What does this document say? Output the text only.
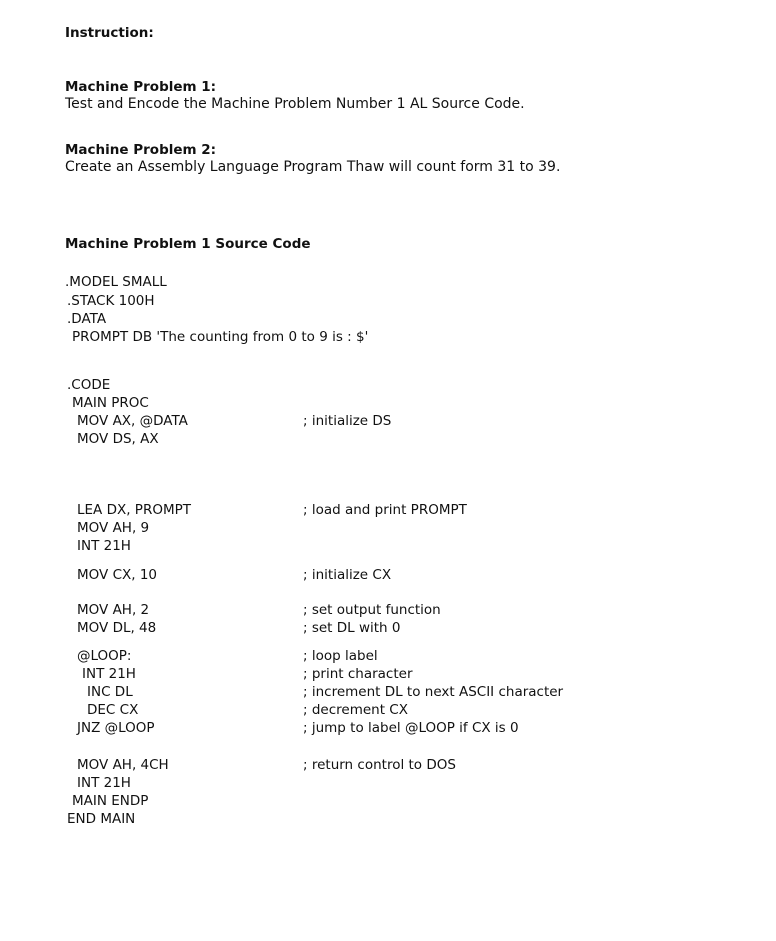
Instruction:
Machine Problem 1:
Test and Encode the Machine Problem Number 1 AL Source Code.
Machine Problem 2:
Create an Assembly Language Program Thaw will count form 31 to 39.
Machine Problem 1 Source Code
.MODEL SMALL
.STACK 100H
.DATA
PROMPT DB 'The counting from 0 to 9 is : $'
.CODE
MAIN PROC
MOV AX, @DATA	; initialize DS
MOV DS, AX
LEA DX, PROMPT	; load and print PROMPT
MOV AH, 9
INT 21H
MOV CX, 10	; initialize CX
MOV AH, 2	; set output function
MOV DL, 48	; set DL with 0
@LOOP:	; loop label
INT 21H	; print character
INC DL	; increment DL to next ASCII character
DEC CX	; decrement CX
JNZ @LOOP	; jump to label @LOOP if CX is 0
MOV AH, 4CH	; return control to DOS
INT 21H
MAIN ENDP
END MAIN
